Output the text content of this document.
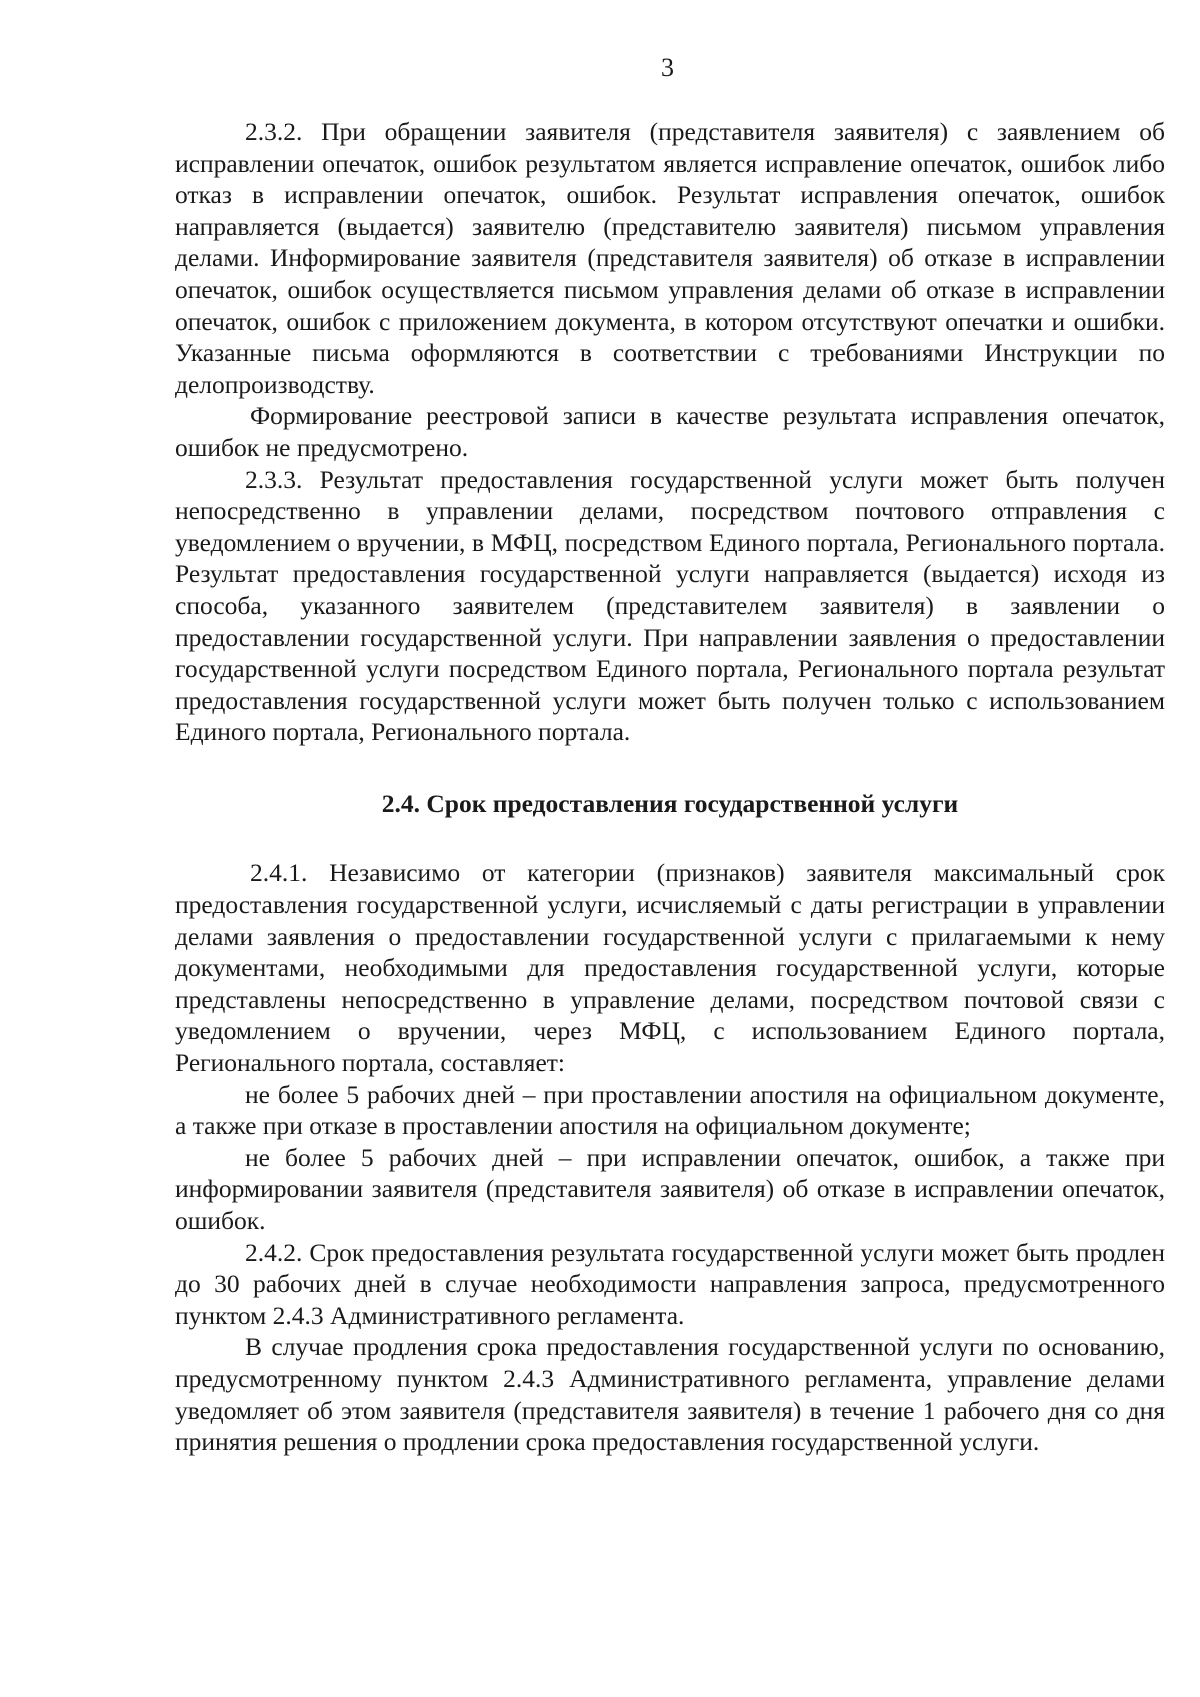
3

2.3.2. При обращении заявителя (представителя заявителя) с заявлением об исправлении опечаток, ошибок результатом является исправление опечаток, ошибок либо отказ в исправлении опечаток, ошибок. Результат исправления опечаток, ошибок направляется (выдается) заявителю (представителю заявителя) письмом управления делами. Информирование заявителя (представителя заявителя) об отказе в исправлении опечаток, ошибок осуществляется письмом управления делами об отказе в исправлении опечаток, ошибок с приложением документа, в котором отсутствуют опечатки и ошибки. Указанные письма оформляются в соответствии с требованиями Инструкции по делопроизводству.

Формирование реестровой записи в качестве результата исправления опечаток, ошибок не предусмотрено.

2.3.3. Результат предоставления государственной услуги может быть получен непосредственно в управлении делами, посредством почтового отправления с уведомлением о вручении, в МФЦ, посредством Единого портала, Регионального портала. Результат предоставления государственной услуги направляется (выдается) исходя из способа, указанного заявителем (представителем заявителя) в заявлении о предоставлении государственной услуги. При направлении заявления о предоставлении государственной услуги посредством Единого портала, Регионального портала результат предоставления государственной услуги может быть получен только с использованием Единого портала, Регионального портала.

2.4. Срок предоставления государственной услуги

2.4.1. Независимо от категории (признаков) заявителя максимальный срок предоставления государственной услуги, исчисляемый с даты регистрации в управлении делами заявления о предоставлении государственной услуги с прилагаемыми к нему документами, необходимыми для предоставления государственной услуги, которые представлены непосредственно в управление делами, посредством почтовой связи с уведомлением о вручении, через МФЦ, с использованием Единого портала, Регионального портала, составляет:

не более 5 рабочих дней – при проставлении апостиля на официальном документе, а также при отказе в проставлении апостиля на официальном документе;

не более 5 рабочих дней – при исправлении опечаток, ошибок, а также при информировании заявителя (представителя заявителя) об отказе в исправлении опечаток, ошибок.

2.4.2. Срок предоставления результата государственной услуги может быть продлен до 30 рабочих дней в случае необходимости направления запроса, предусмотренного пунктом 2.4.3 Административного регламента.

В случае продления срока предоставления государственной услуги по основанию, предусмотренному пунктом 2.4.3 Административного регламента, управление делами уведомляет об этом заявителя (представителя заявителя) в течение 1 рабочего дня со дня принятия решения о продлении срока предоставления государственной услуги.
